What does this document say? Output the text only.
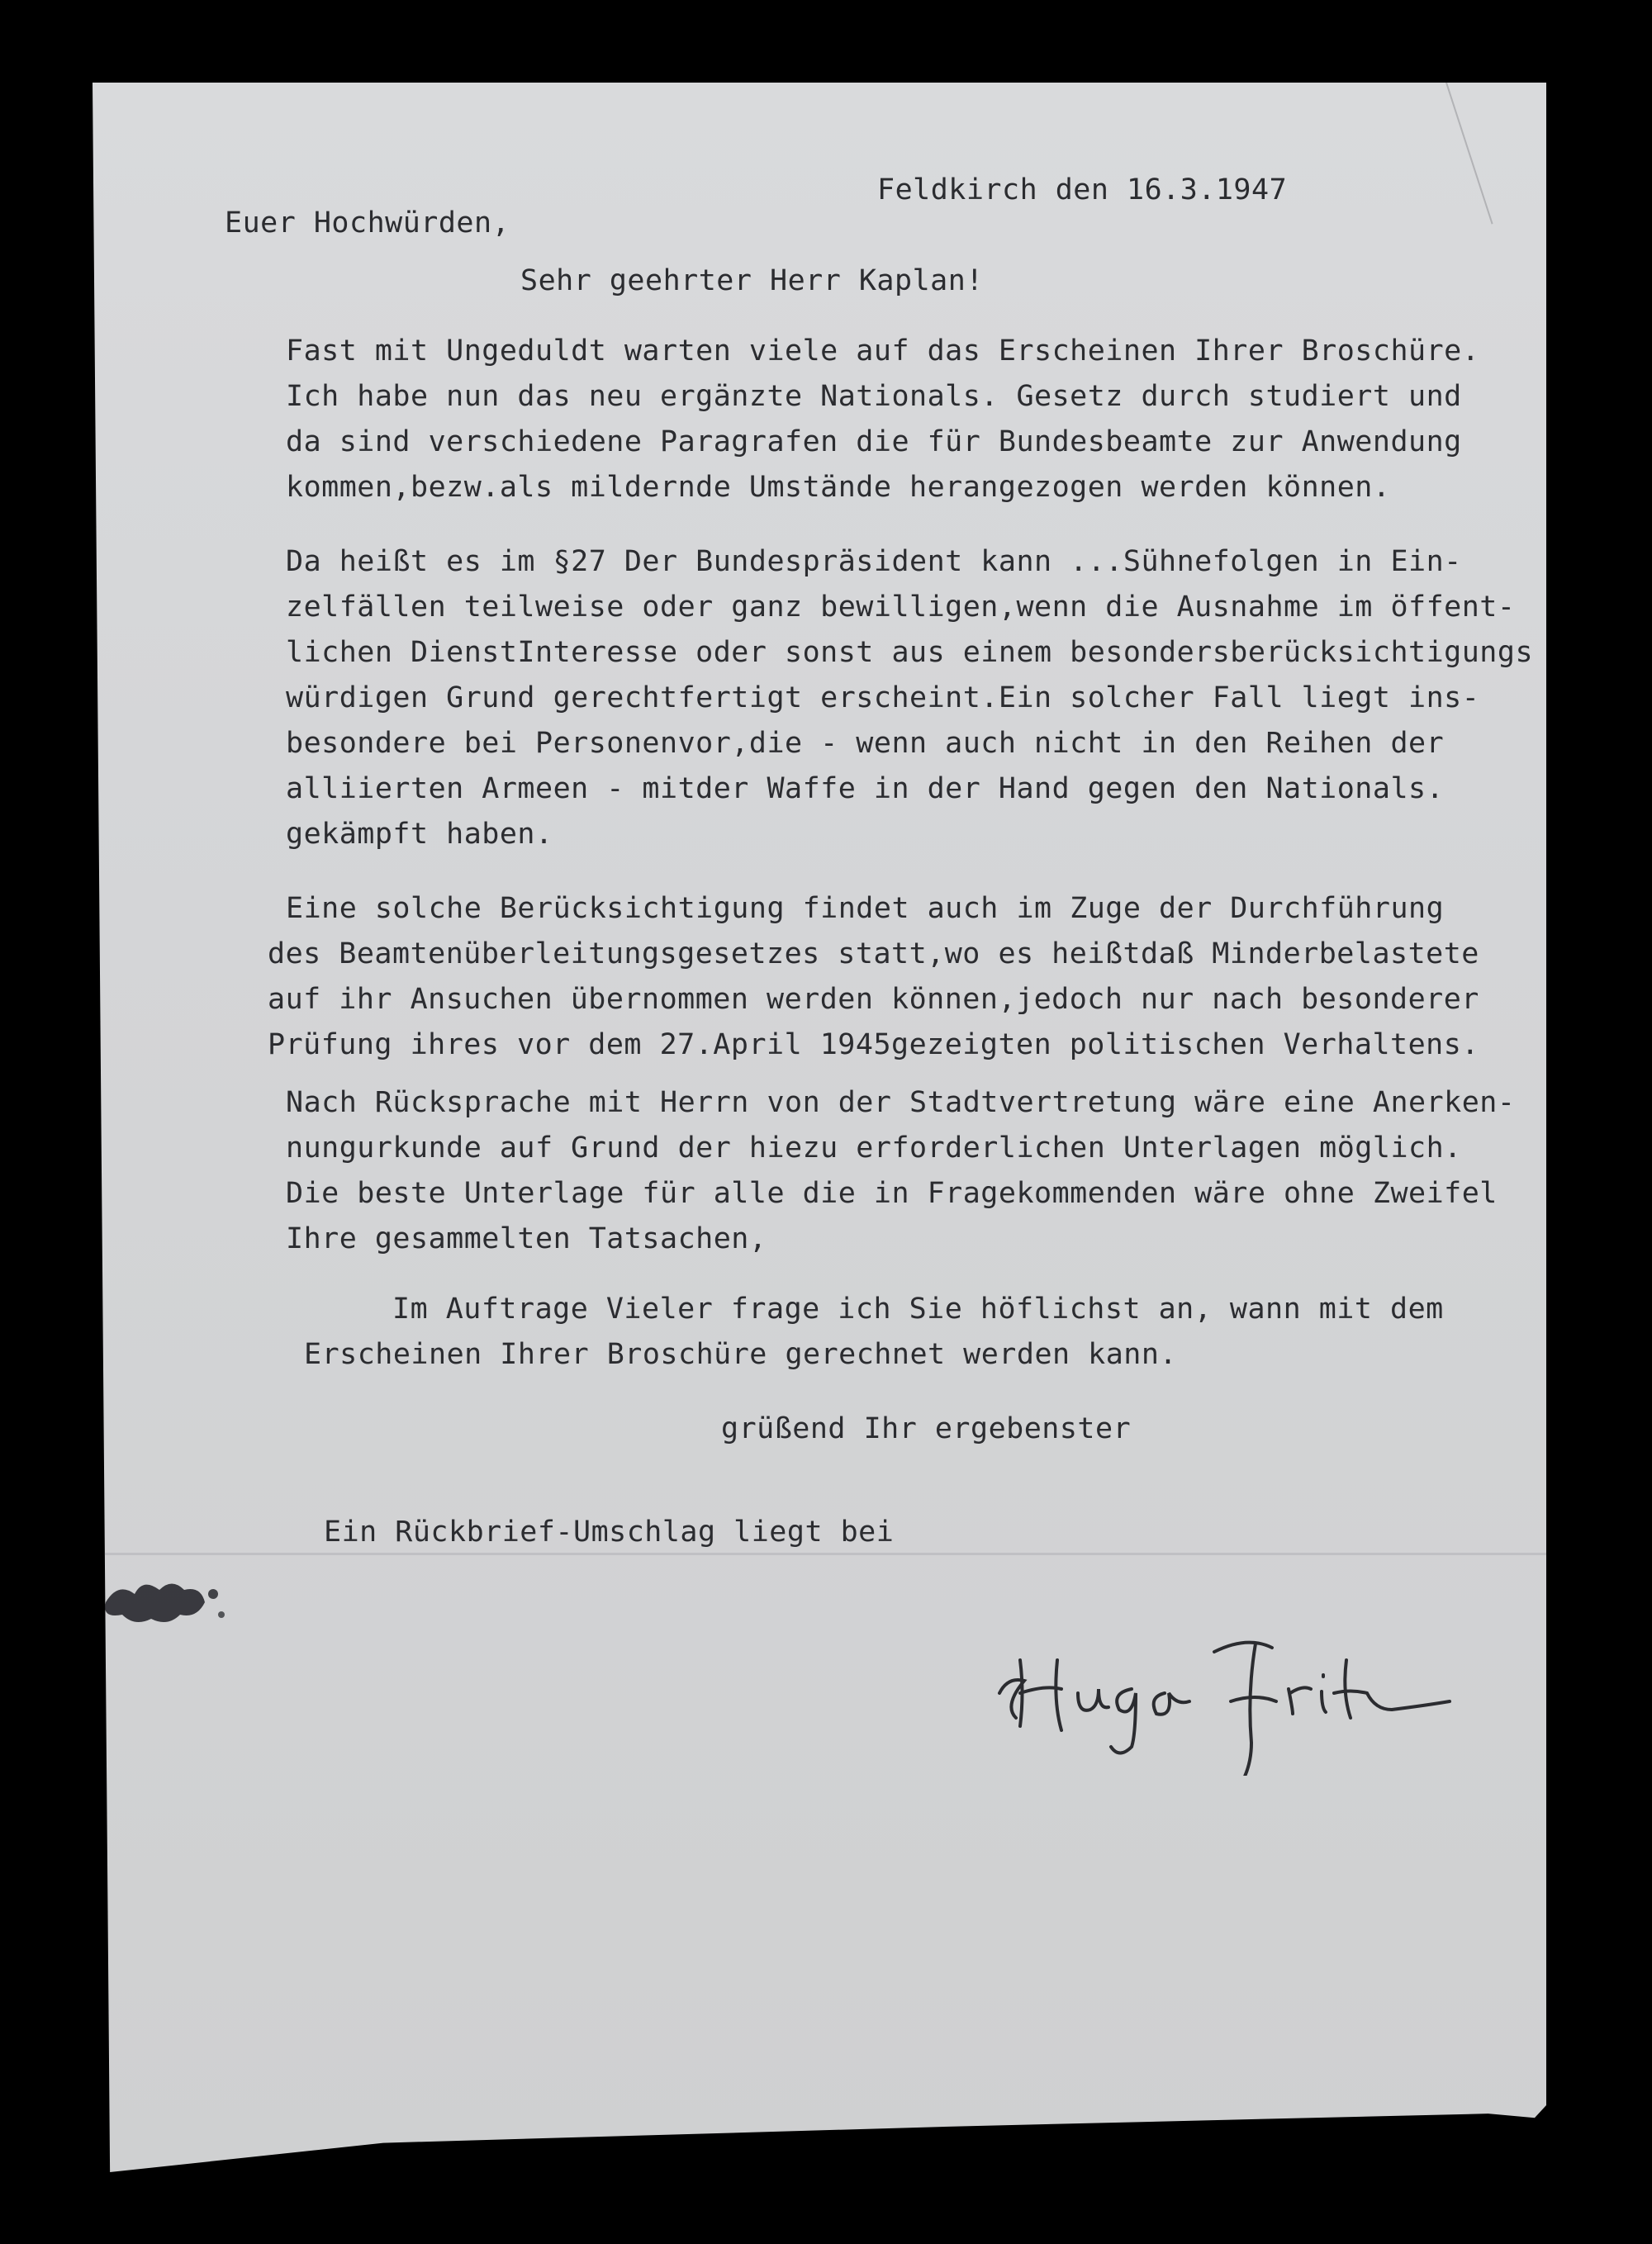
Feldkirch den 16.3.1947
Euer Hochwürden,
Sehr geehrter Herr Kaplan!
Fast mit Ungeduldt warten viele auf das Erscheinen Ihrer Broschüre.
Ich habe nun das neu ergänzte Nationals. Gesetz durch studiert und
da sind verschiedene Paragrafen die für Bundesbeamte zur Anwendung
kommen,bezw.als mildernde Umstände herangezogen werden können.
Da heißt es im §27 Der Bundespräsident kann ...Sühnefolgen in Ein-
zelfällen teilweise oder ganz bewilligen,wenn die Ausnahme im öffent-
lichen DienstInteresse oder sonst aus einem besondersberücksichtigungs
würdigen Grund gerechtfertigt erscheint.Ein solcher Fall liegt ins-
besondere bei Personenvor,die - wenn auch nicht in den Reihen der
alliierten Armeen - mitder Waffe in der Hand gegen den Nationals.
gekämpft haben.
Eine solche Berücksichtigung findet auch im Zuge der Durchführung
des Beamtenüberleitungsgesetzes statt,wo es heißtdaß Minderbelastete
auf ihr Ansuchen übernommen werden können,jedoch nur nach besonderer
Prüfung ihres vor dem 27.April 1945gezeigten politischen Verhaltens.
Nach Rücksprache mit Herrn von der Stadtvertretung wäre eine Anerken-
nungurkunde auf Grund der hiezu erforderlichen Unterlagen möglich.
Die beste Unterlage für alle die in Fragekommenden wäre ohne Zweifel
Ihre gesammelten Tatsachen,
Im Auftrage Vieler frage ich Sie höflichst an, wann mit dem
Erscheinen Ihrer Broschüre gerechnet werden kann.
grüßend Ihr ergebenster
Ein Rückbrief-Umschlag liegt bei
